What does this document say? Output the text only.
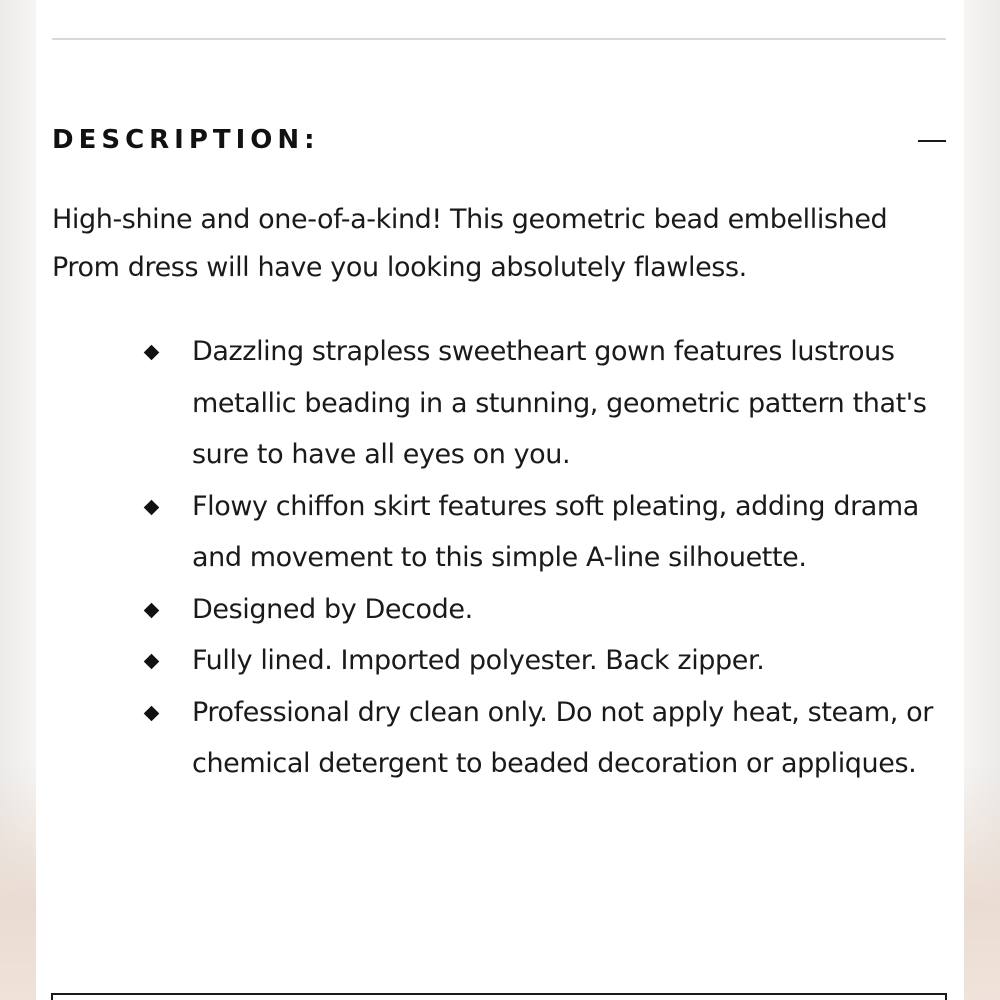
DESCRIPTION:
High-shine and one-of-a-kind! This geometric bead embellished Prom dress will have you looking absolutely flawless.
Dazzling strapless sweetheart gown features lustrous metallic beading in a stunning, geometric pattern that's sure to have all eyes on you.
Flowy chiffon skirt features soft pleating, adding drama and movement to this simple A-line silhouette.
Designed by Decode.
Fully lined. Imported polyester. Back zipper.
Professional dry clean only. Do not apply heat, steam, or chemical detergent to beaded decoration or appliques.
